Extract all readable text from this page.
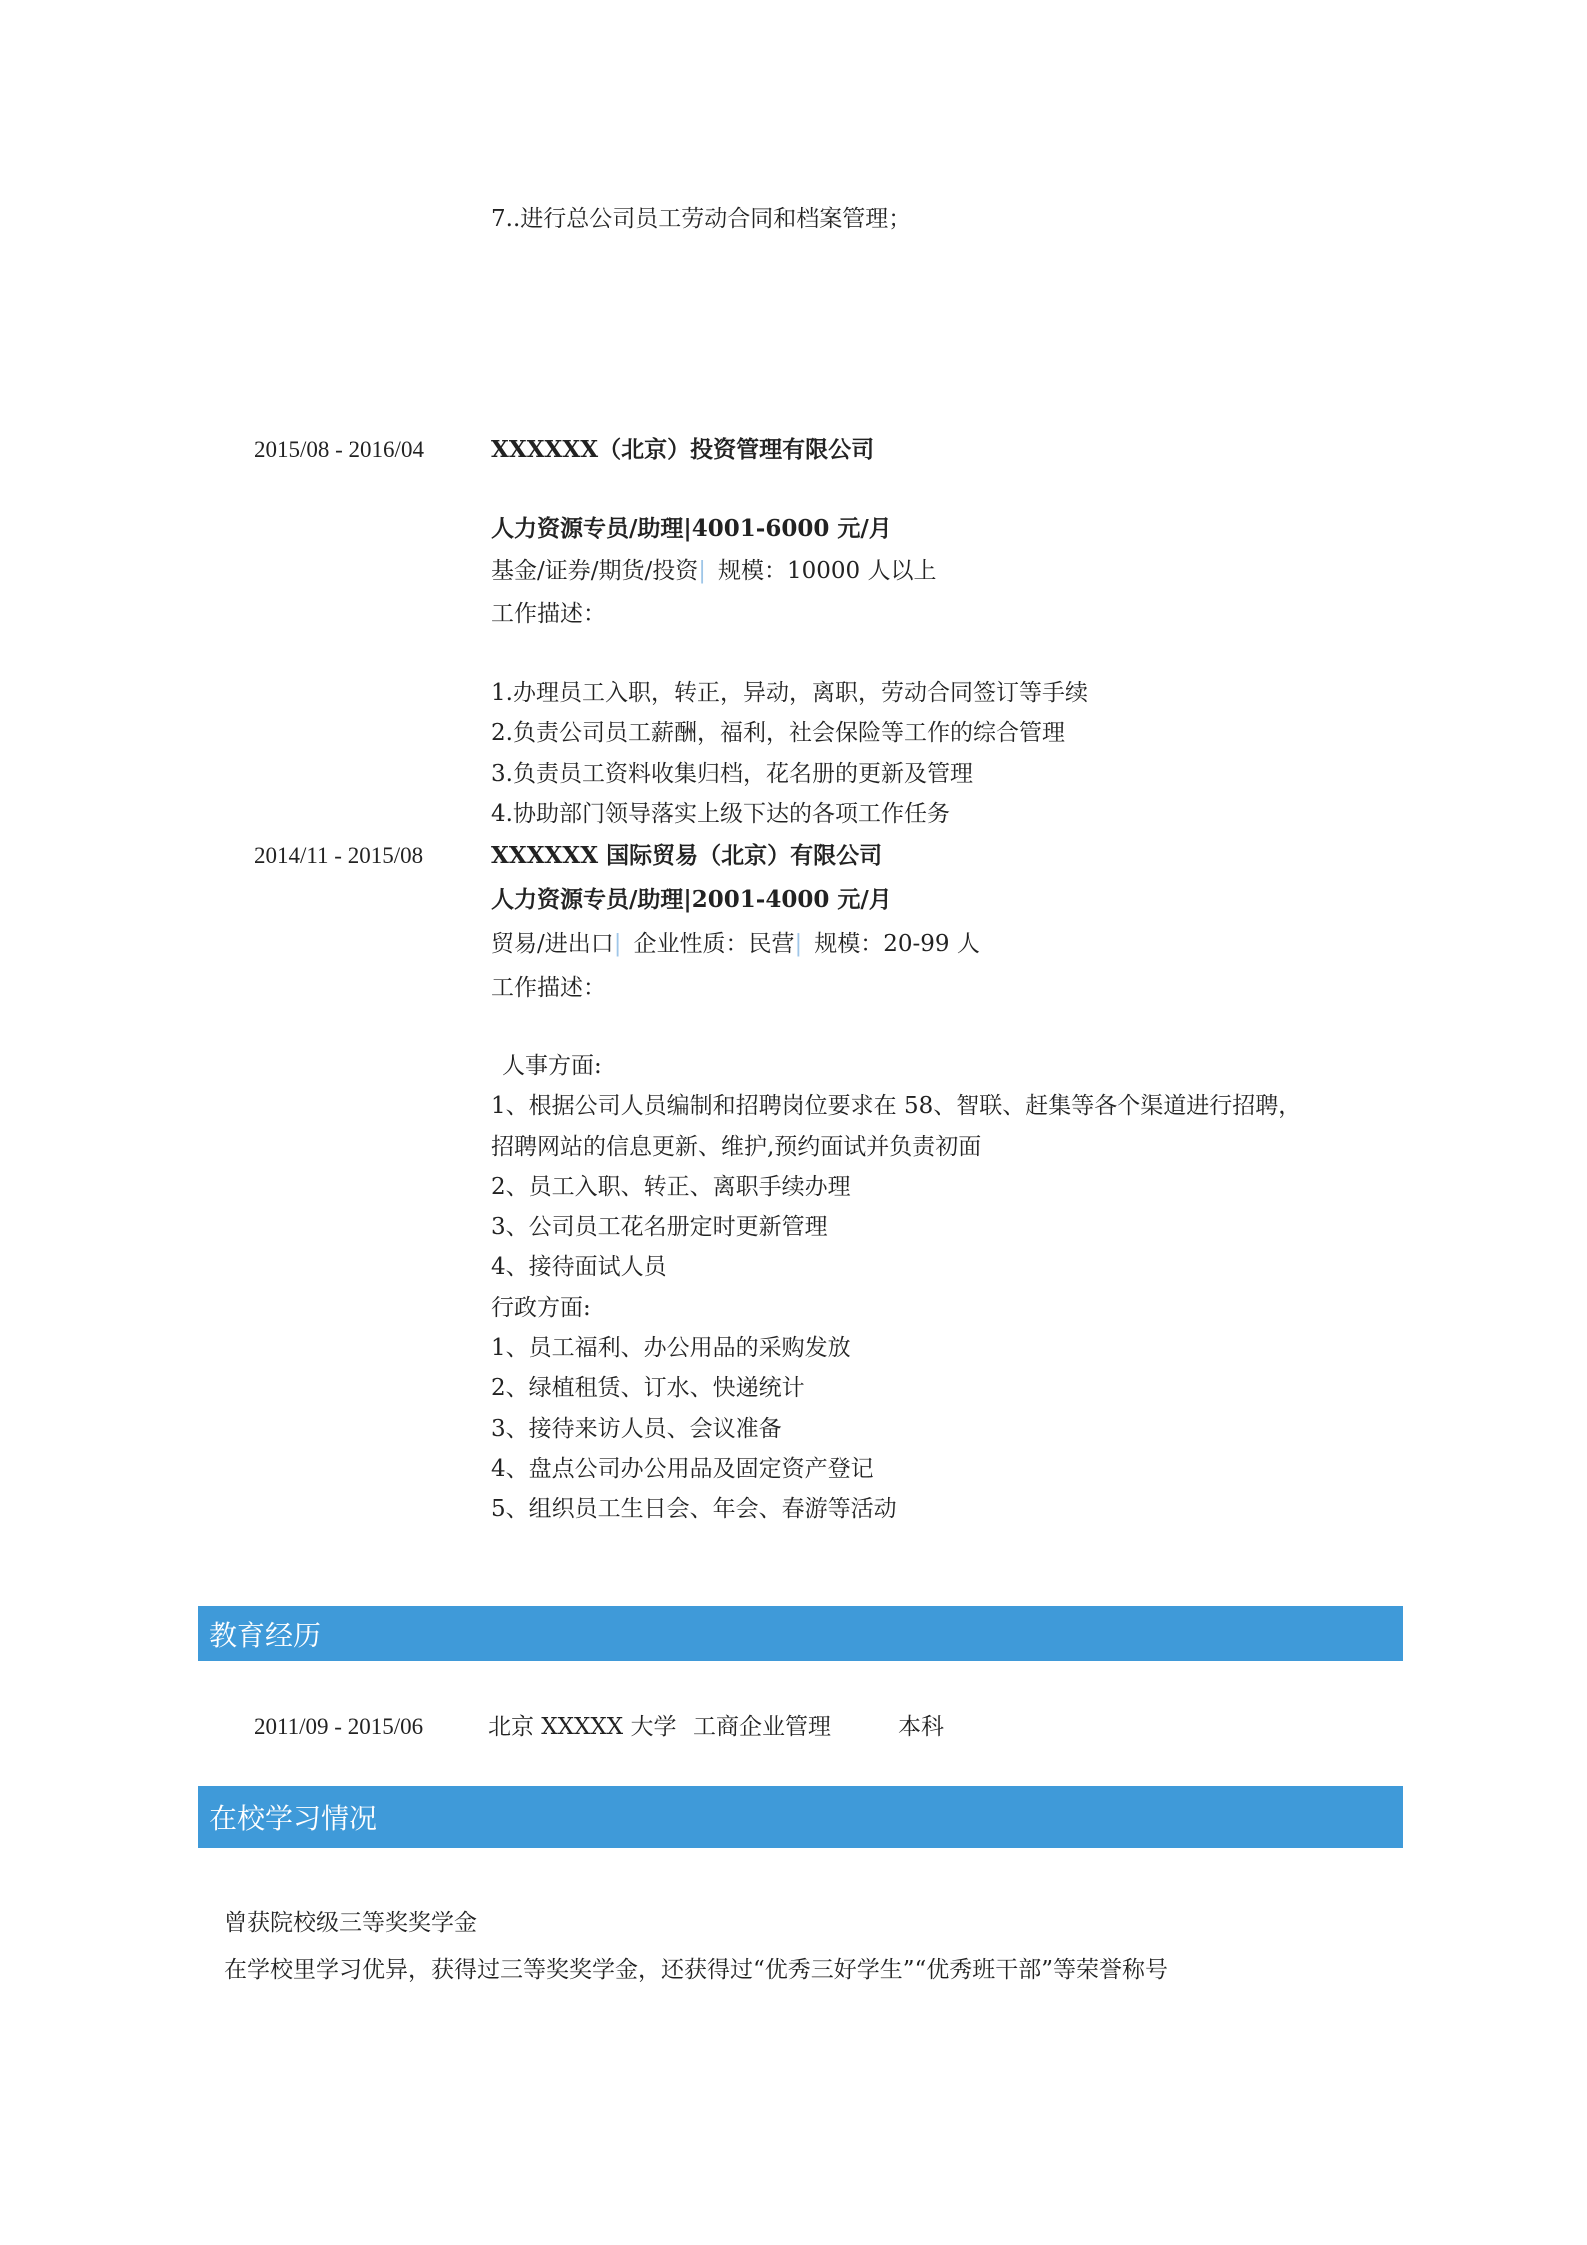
7..进行总公司员工劳动合同和档案管理；
2015/08 - 2016/04	XXXXXX（北京）投资管理有限公司
人力资源专员/助理|4001-6000 元/月
基金/证券/期货/投资| 规模：10000 人以上
工作描述：
1.办理员工入职，转正，异动，离职，劳动合同签订等手续
2.负责公司员工薪酬，福利，社会保险等工作的综合管理
3.负责员工资料收集归档，花名册的更新及管理
4.协助部门领导落实上级下达的各项工作任务
2014/11 - 2015/08	XXXXXX 国际贸易（北京）有限公司
人力资源专员/助理|2001-4000 元/月
贸易/进出口| 企业性质：民营| 规模：20-99 人
工作描述：
人事方面:
1、根据公司人员编制和招聘岗位要求在 58、智联、赶集等各个渠道进行招聘，
招聘网站的信息更新、维护,预约面试并负责初面
2、员工入职、转正、离职手续办理
3、公司员工花名册定时更新管理
4、接待面试人员
行政方面:
1、员工福利、办公用品的采购发放
2、绿植租赁、订水、快递统计
3、接待来访人员、会议准备
4、盘点公司办公用品及固定资产登记
5、组织员工生日会、年会、春游等活动
教育经历
2011/09 - 2015/06	北京 XXXXX 大学 工商企业管理	本科
在校学习情况
曾获院校级三等奖奖学金
在学校里学习优异，获得过三等奖奖学金，还获得过“优秀三好学生”“优秀班干部”等荣誉称号
